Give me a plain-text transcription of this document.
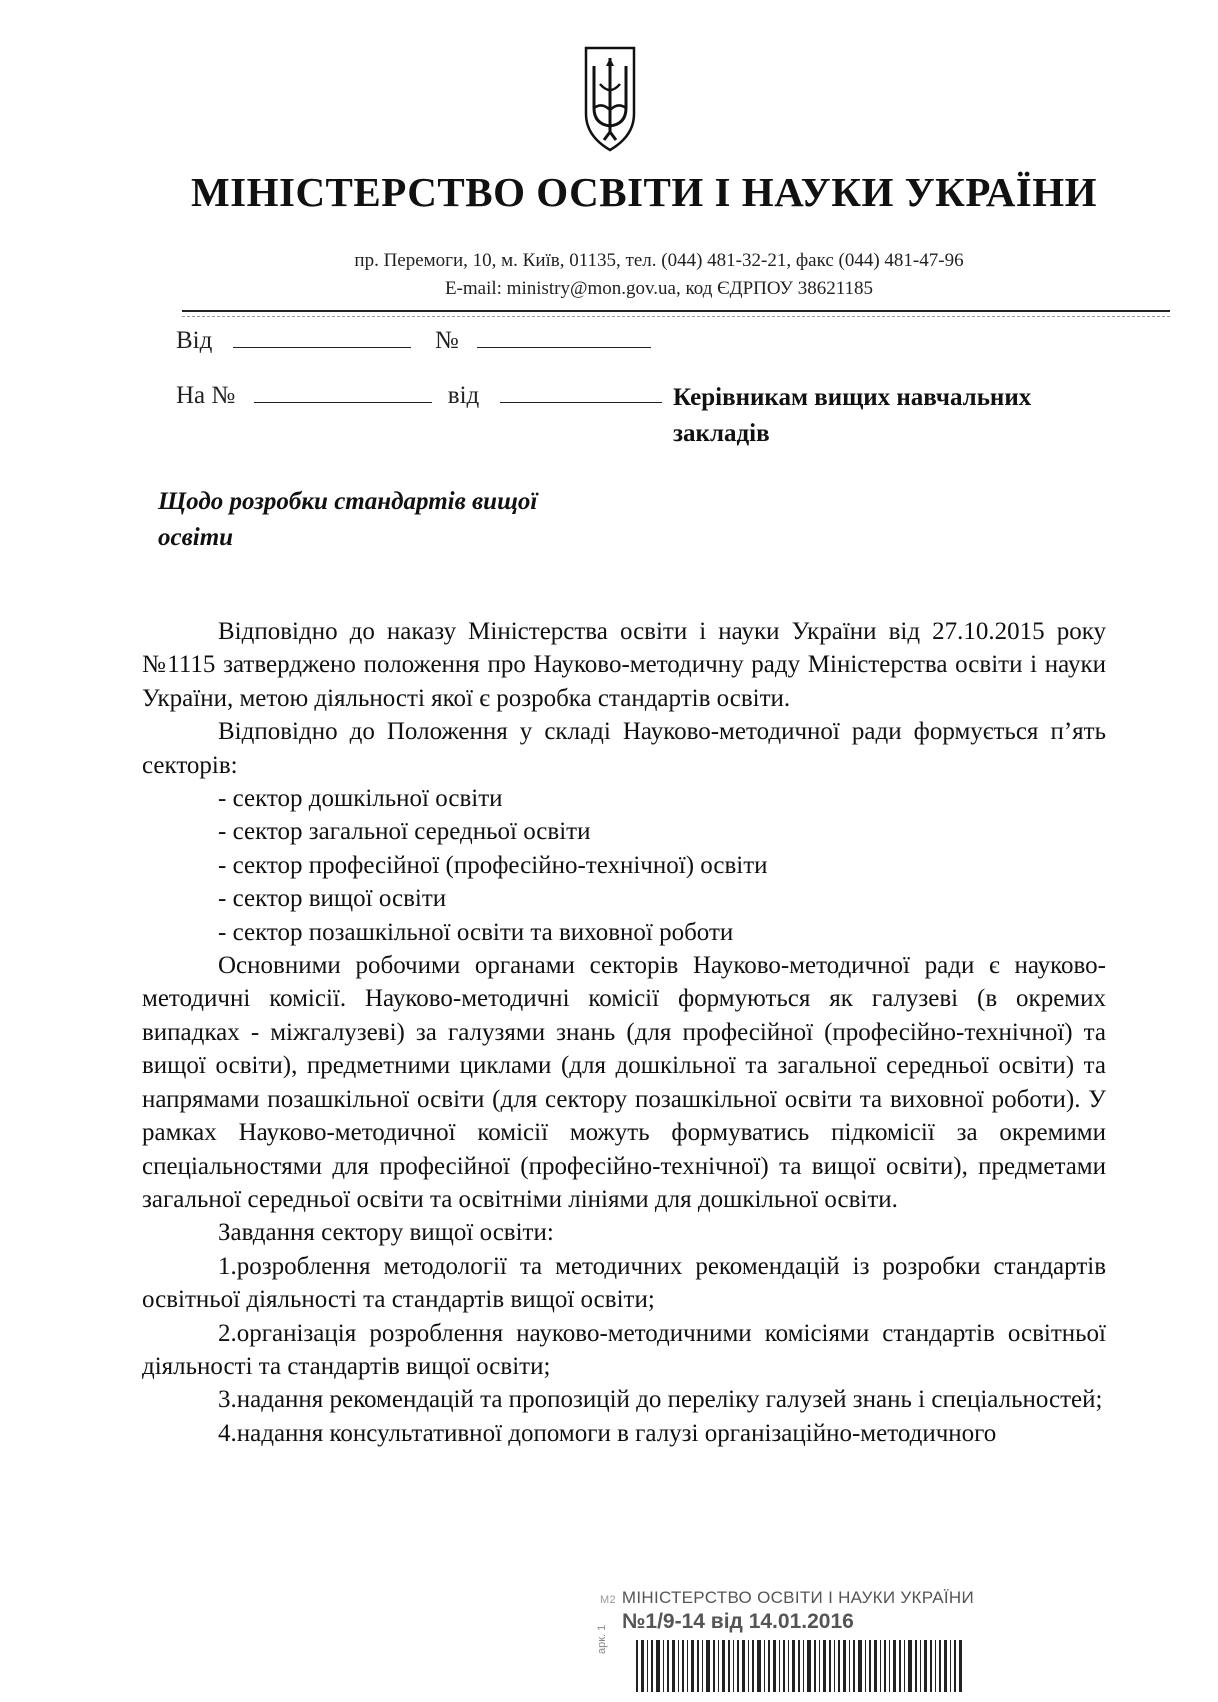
МІНІСТЕРСТВО ОСВІТИ І НАУКИ УКРАЇНИ
пр. Перемоги, 10, м. Київ, 01135, тел. (044) 481-32-21, факс (044) 481-47-96
E-mail: ministry@mon.gov.ua, код ЄДРПОУ 38621185
Від	№
На №	від	Керівникам вищих навчальних
закладів
Щодо розробки стандартів вищої
освіти

Відповідно до наказу Міністерства освіти і науки України від 27.10.2015 року №1115 затверджено положення про Науково-методичну раду Міністерства освіти і науки України, метою діяльності якої є розробка стандартів освіти.

Відповідно до Положення у складі Науково-методичної ради формується п’ять секторів:

- сектор дошкільної освіти

- сектор загальної середньої освіти

- сектор професійної (професійно-технічної) освіти

- сектор вищої освіти

- сектор позашкільної освіти та виховної роботи

Основними робочими органами секторів Науково-методичної ради є науково-методичні комісії. Науково-методичні комісії формуються як галузеві (в окремих випадках - міжгалузеві) за галузями знань (для професійної (професійно-технічної) та вищої освіти), предметними циклами (для дошкільної та загальної середньої освіти) та напрямами позашкільної освіти (для сектору позашкільної освіти та виховної роботи). У рамках Науково-методичної комісії можуть формуватись підкомісії за окремими спеціальностями для професійної (професійно-технічної) та вищої освіти), предметами загальної середньої освіти та освітніми лініями для дошкільної освіти.

Завдання сектору вищої освіти:

1.розроблення методології та методичних рекомендацій із розробки стандартів освітньої діяльності та стандартів вищої освіти;

2.організація розроблення науково-методичними комісіями стандартів освітньої діяльності та стандартів вищої освіти;

3.надання рекомендацій та пропозицій до переліку галузей знань і спеціальностей;

4.надання консультативної допомоги в галузі організаційно-методичного

М2 МІНІСТЕРСТВО ОСВІТИ І НАУКИ УКРАЇНИ
№1/9-14 від 14.01.2016
арк. 1
